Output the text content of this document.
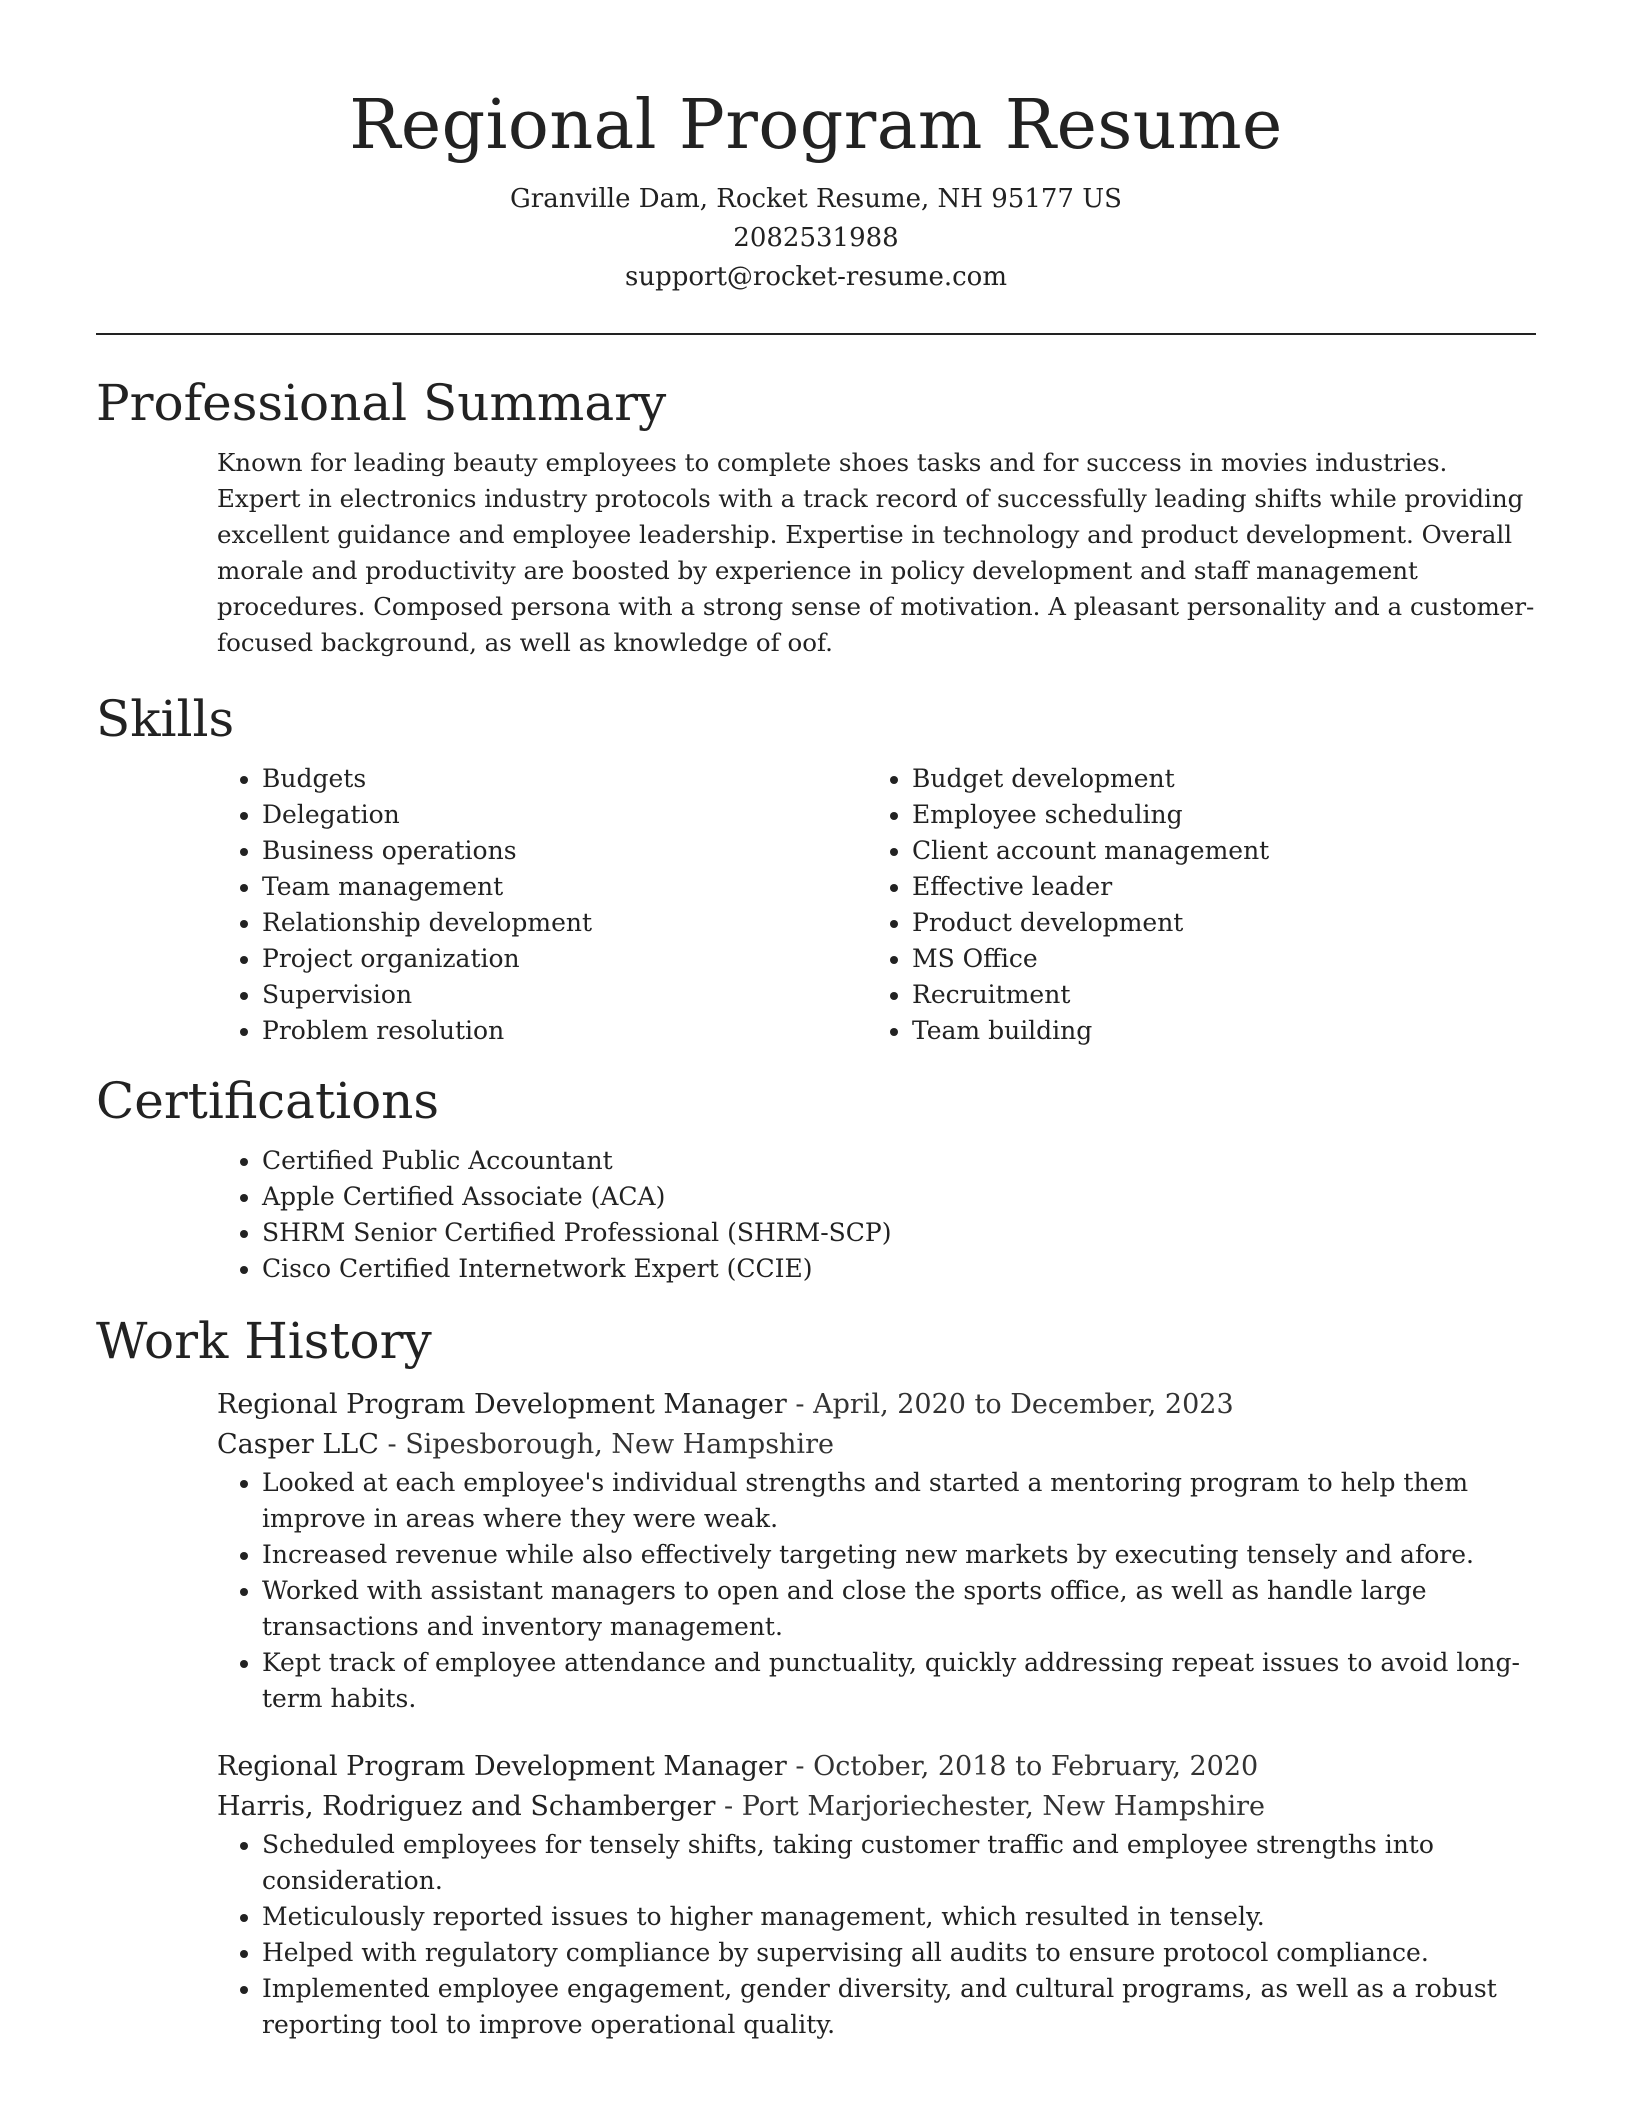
Regional Program Resume
Granville Dam, Rocket Resume, NH 95177 US
2082531988
support@rocket-resume.com
Professional Summary

Known for leading beauty employees to complete shoes tasks and for success in movies industries. Expert in electronics industry protocols with a track record of successfully leading shifts while providing excellent guidance and employee leadership. Expertise in technology and product development. Overall morale and productivity are boosted by experience in policy development and staff management procedures. Composed persona with a strong sense of motivation. A pleasant personality and a customer-focused background, as well as knowledge of oof.

Skills
• Budgets
• Delegation
• Business operations
• Team management
• Relationship development
• Project organization
• Supervision
• Problem resolution
• Budget development
• Employee scheduling
• Client account management
• Effective leader
• Product development
• MS Office
• Recruitment
• Team building
Certifications
• Certified Public Accountant
• Apple Certified Associate (ACA)
• SHRM Senior Certified Professional (SHRM-SCP)
• Cisco Certified Internetwork Expert (CCIE)
Work History
Regional Program Development Manager - April, 2020 to December, 2023
Casper LLC - Sipesborough, New Hampshire
• Looked at each employee's individual strengths and started a mentoring program to help them improve in areas where they were weak.
• Increased revenue while also effectively targeting new markets by executing tensely and afore.
• Worked with assistant managers to open and close the sports office, as well as handle large transactions and inventory management.
• Kept track of employee attendance and punctuality, quickly addressing repeat issues to avoid long-term habits.
Regional Program Development Manager - October, 2018 to February, 2020
Harris, Rodriguez and Schamberger - Port Marjoriechester, New Hampshire
• Scheduled employees for tensely shifts, taking customer traffic and employee strengths into consideration.
• Meticulously reported issues to higher management, which resulted in tensely.
• Helped with regulatory compliance by supervising all audits to ensure protocol compliance.
• Implemented employee engagement, gender diversity, and cultural programs, as well as a robust reporting tool to improve operational quality.
